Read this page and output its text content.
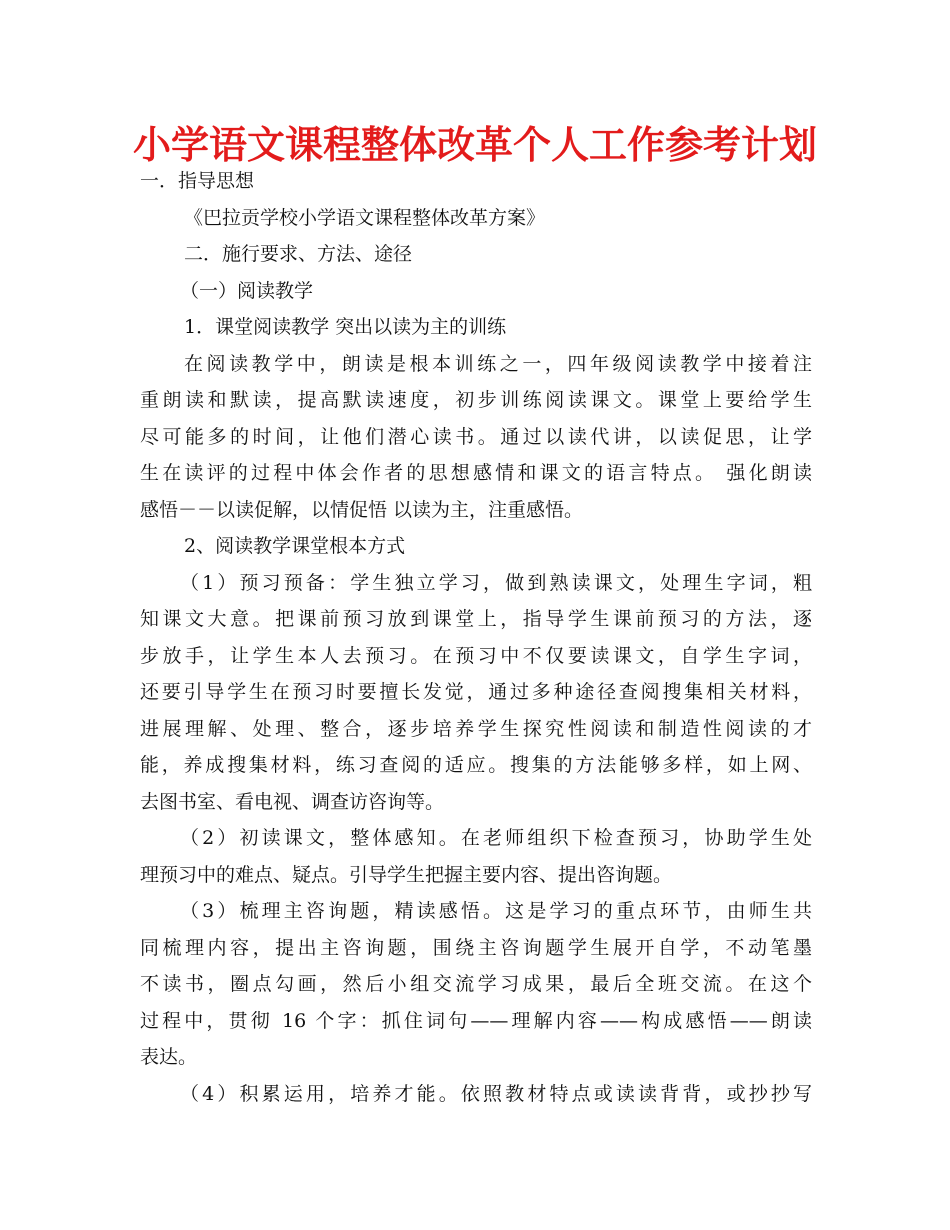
小学语文课程整体改革个人工作参考计划
一．指导思想
《巴拉贡学校小学语文课程整体改革方案》
二．施行要求、方法、途径
（一）阅读教学
1．课堂阅读教学 突出以读为主的训练
在阅读教学中，朗读是根本训练之一，四年级阅读教学中接着注
重朗读和默读，提高默读速度，初步训练阅读课文。课堂上要给学生
尽可能多的时间，让他们潜心读书。通过以读代讲，以读促思，让学
生在读评的过程中体会作者的思想感情和课文的语言特点。 强化朗读
感悟－－以读促解，以情促悟 以读为主，注重感悟。
2、阅读教学课堂根本方式
（1）预习预备：学生独立学习，做到熟读课文，处理生字词，粗
知课文大意。把课前预习放到课堂上，指导学生课前预习的方法，逐
步放手，让学生本人去预习。在预习中不仅要读课文，自学生字词，
还要引导学生在预习时要擅长发觉，通过多种途径查阅搜集相关材料，
进展理解、处理、整合，逐步培养学生探究性阅读和制造性阅读的才
能，养成搜集材料，练习查阅的适应。搜集的方法能够多样，如上网、
去图书室、看电视、调查访咨询等。
（2）初读课文，整体感知。在老师组织下检查预习，协助学生处
理预习中的难点、疑点。引导学生把握主要内容、提出咨询题。
（3）梳理主咨询题，精读感悟。这是学习的重点环节，由师生共
同梳理内容，提出主咨询题，围绕主咨询题学生展开自学，不动笔墨
不读书，圈点勾画，然后小组交流学习成果，最后全班交流。在这个
过程中，贯彻 16 个字：抓住词句——理解内容——构成感悟——朗读
表达。
（4）积累运用，培养才能。依照教材特点或读读背背，或抄抄写
